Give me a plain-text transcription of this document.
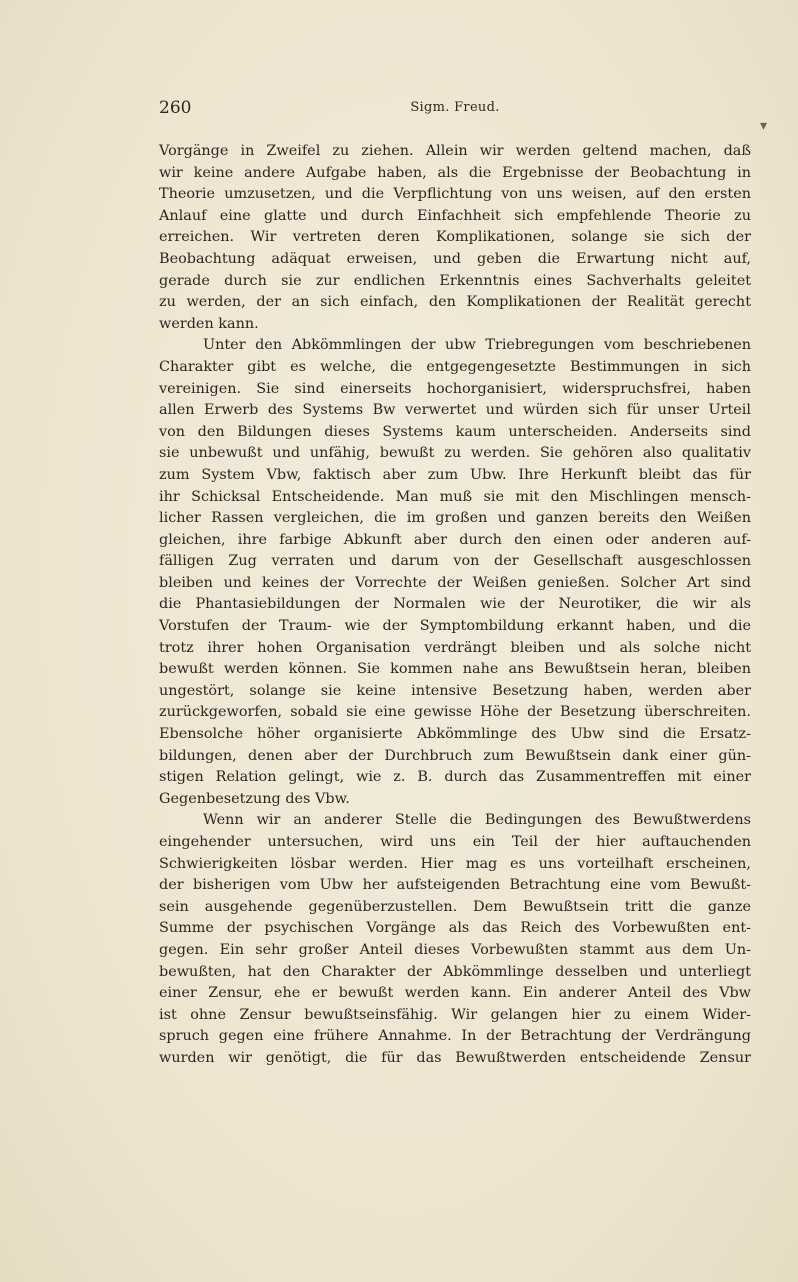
260	Sigm. Freud.
▾

Vorgänge in Zweifel zu ziehen. Allein wir werden geltend machen, daß

wir keine andere Aufgabe haben, als die Ergebnisse der Beobachtung in

Theorie umzusetzen, und die Verpflichtung von uns weisen, auf den ersten

Anlauf eine glatte und durch Einfachheit sich empfehlende Theorie zu

erreichen. Wir vertreten deren Komplikationen, solange sie sich der

Beobachtung adäquat erweisen, und geben die Erwartung nicht auf,

gerade durch sie zur endlichen Erkenntnis eines Sachverhalts geleitet

zu werden, der an sich einfach, den Komplikationen der Realität gerecht

werden kann.

Unter den Abkömmlingen der ubw Triebregungen vom beschriebenen

Charakter gibt es welche, die entgegengesetzte Bestimmungen in sich

vereinigen. Sie sind einerseits hochorganisiert, widerspruchsfrei, haben

allen Erwerb des Systems Bw verwertet und würden sich für unser Urteil

von den Bildungen dieses Systems kaum unterscheiden. Anderseits sind

sie unbewußt und unfähig, bewußt zu werden. Sie gehören also qualitativ

zum System Vbw, faktisch aber zum Ubw. Ihre Herkunft bleibt das für

ihr Schicksal Entscheidende. Man muß sie mit den Mischlingen mensch-

licher Rassen vergleichen, die im großen und ganzen bereits den Weißen

gleichen, ihre farbige Abkunft aber durch den einen oder anderen auf-

fälligen Zug verraten und darum von der Gesellschaft ausgeschlossen

bleiben und keines der Vorrechte der Weißen genießen. Solcher Art sind

die Phantasiebildungen der Normalen wie der Neurotiker, die wir als

Vorstufen der Traum- wie der Symptombildung erkannt haben, und die

trotz ihrer hohen Organisation verdrängt bleiben und als solche nicht

bewußt werden können. Sie kommen nahe ans Bewußtsein heran, bleiben

ungestört, solange sie keine intensive Besetzung haben, werden aber

zurückgeworfen, sobald sie eine gewisse Höhe der Besetzung überschreiten.

Ebensolche höher organisierte Abkömmlinge des Ubw sind die Ersatz-

bildungen, denen aber der Durchbruch zum Bewußtsein dank einer gün-

stigen Relation gelingt, wie z. B. durch das Zusammentreffen mit einer

Gegenbesetzung des Vbw.

Wenn wir an anderer Stelle die Bedingungen des Bewußtwerdens

eingehender untersuchen, wird uns ein Teil der hier auftauchenden

Schwierigkeiten lösbar werden. Hier mag es uns vorteilhaft erscheinen,

der bisherigen vom Ubw her aufsteigenden Betrachtung eine vom Bewußt-

sein ausgehende gegenüberzustellen. Dem Bewußtsein tritt die ganze

Summe der psychischen Vorgänge als das Reich des Vorbewußten ent-

gegen. Ein sehr großer Anteil dieses Vorbewußten stammt aus dem Un-

bewußten, hat den Charakter der Abkömmlinge desselben und unterliegt

einer Zensur, ehe er bewußt werden kann. Ein anderer Anteil des Vbw

ist ohne Zensur bewußtseinsfähig. Wir gelangen hier zu einem Wider-

spruch gegen eine frühere Annahme. In der Betrachtung der Verdrängung

wurden wir genötigt, die für das Bewußtwerden entscheidende Zensur
